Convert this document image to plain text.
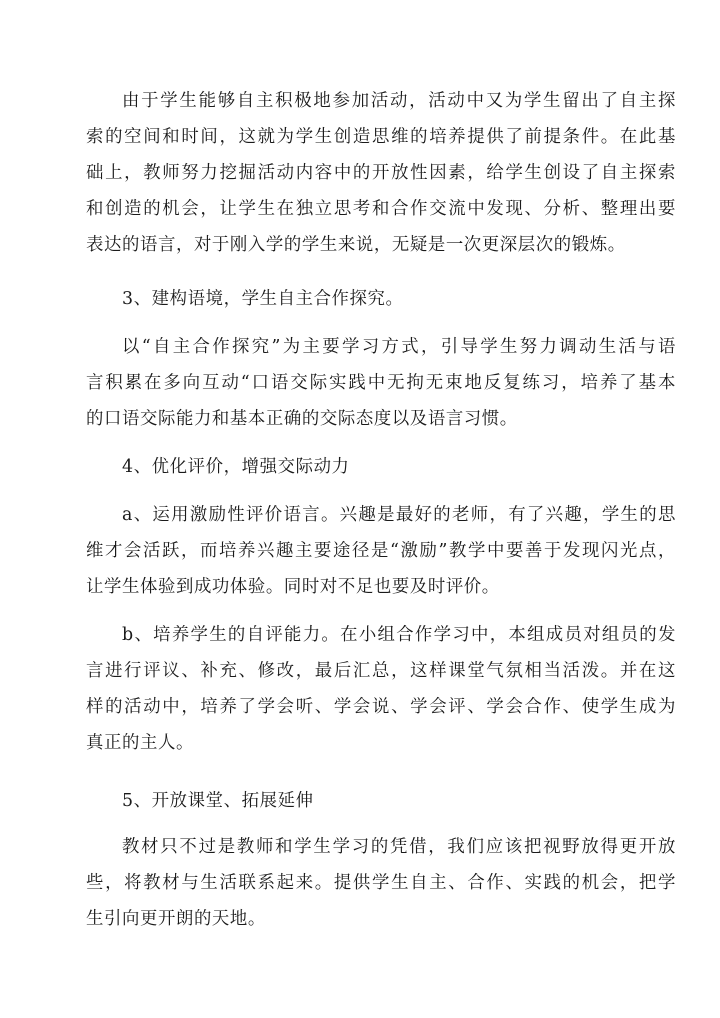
由于学生能够自主积极地参加活动，活动中又为学生留出了自主探
索的空间和时间，这就为学生创造思维的培养提供了前提条件。在此基
础上，教师努力挖掘活动内容中的开放性因素，给学生创设了自主探索
和创造的机会，让学生在独立思考和合作交流中发现、分析、整理出要
表达的语言，对于刚入学的学生来说，无疑是一次更深层次的锻炼。
3、建构语境，学生自主合作探究。
以“自主合作探究”为主要学习方式，引导学生努力调动生活与语
言积累在多向互动“口语交际实践中无拘无束地反复练习，培养了基本
的口语交际能力和基本正确的交际态度以及语言习惯。
4、优化评价，增强交际动力
a、运用激励性评价语言。兴趣是最好的老师，有了兴趣，学生的思
维才会活跃，而培养兴趣主要途径是“激励”教学中要善于发现闪光点，
让学生体验到成功体验。同时对不足也要及时评价。
b、培养学生的自评能力。在小组合作学习中，本组成员对组员的发
言进行评议、补充、修改，最后汇总，这样课堂气氛相当活泼。并在这
样的活动中，培养了学会听、学会说、学会评、学会合作、使学生成为
真正的主人。
5、开放课堂、拓展延伸
教材只不过是教师和学生学习的凭借，我们应该把视野放得更开放
些，将教材与生活联系起来。提供学生自主、合作、实践的机会，把学
生引向更开朗的天地。
